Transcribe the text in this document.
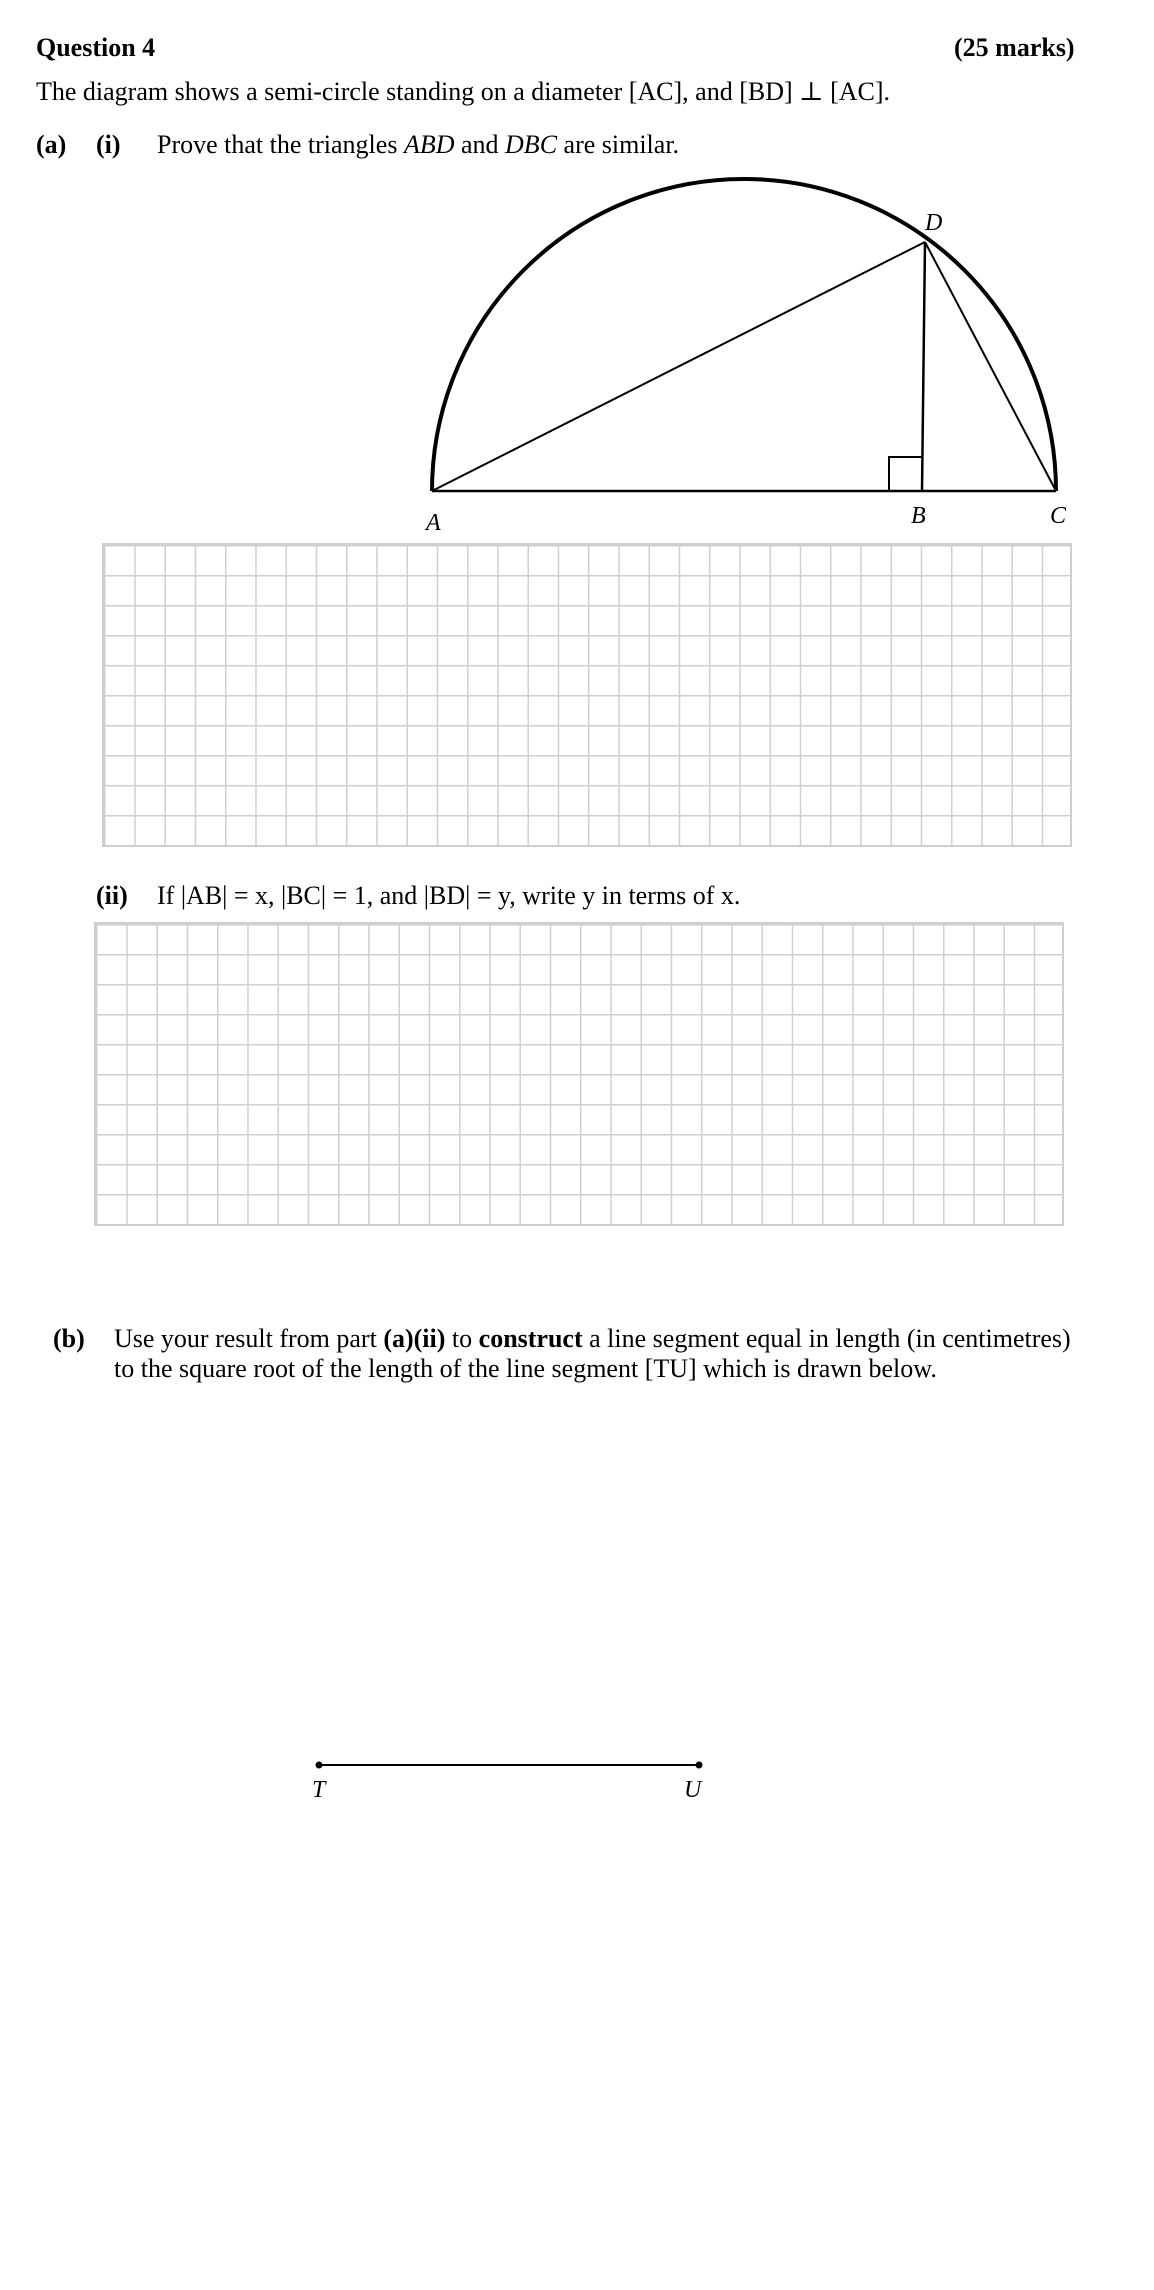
Question 4	(25 marks)
The diagram shows a semi-circle standing on a diameter [AC], and [BD] ⊥ [AC].
(a) (i) Prove that the triangles ABD and DBC are similar.
A	B	C
D
(ii) If |AB| = x, |BC| = 1, and |BD| = y, write y in terms of x.
(b) Use your result from part (a)(ii) to construct a line segment equal in length (in centimetres)
to the square root of the length of the line segment [TU] which is drawn below.
T	U
